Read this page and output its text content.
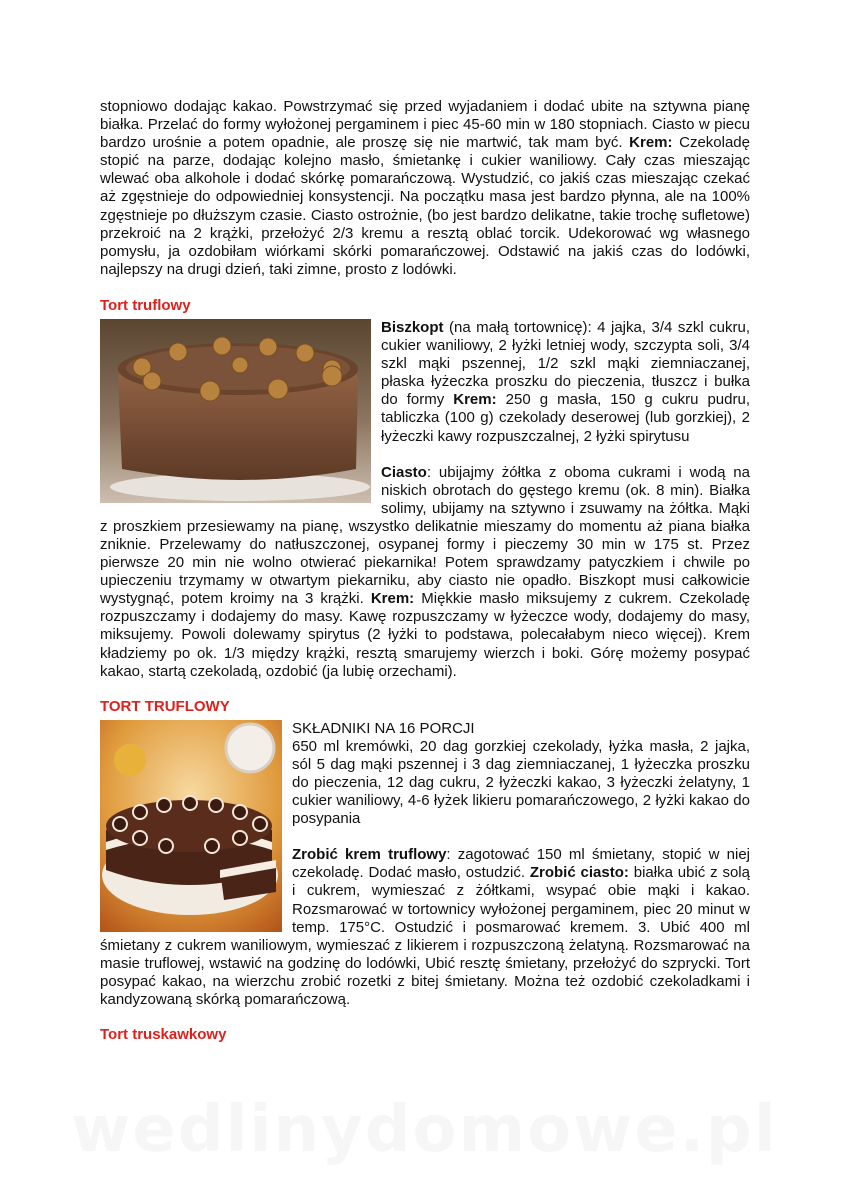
stopniowo dodając kakao. Powstrzymać się przed wyjadaniem i dodać ubite na sztywna pianę białka. Przelać do formy wyłożonej pergaminem i piec 45-60 min w 180 stopniach. Ciasto w piecu bardzo urośnie a potem opadnie, ale proszę się nie martwić, tak mam być. Krem: Czekoladę stopić na parze, dodając kolejno masło, śmietankę i cukier waniliowy. Cały czas mieszając wlewać oba alkohole i dodać skórkę pomarańczową. Wystudzić, co jakiś czas mieszając czekać aż zgęstnieje do odpowiedniej konsystencji. Na początku masa jest bardzo płynna, ale na 100% zgęstnieje po dłuższym czasie. Ciasto ostrożnie, (bo jest bardzo delikatne, takie trochę sufletowe) przekroić na 2 krążki, przełożyć 2/3 kremu a resztą oblać torcik. Udekorować wg własnego pomysłu, ja ozdobiłam wiórkami skórki pomarańczowej. Odstawić na jakiś czas do lodówki, najlepszy na drugi dzień, taki zimne, prosto z lodówki.

Tort truflowy

Biszkopt (na małą tortownicę): 4 jajka, 3/4 szkl cukru, cukier waniliowy, 2 łyżki letniej wody, szczypta soli, 3/4 szkl mąki pszennej, 1/2 szkl mąki ziemniaczanej, płaska łyżeczka proszku do pieczenia, tłuszcz i bułka do formy Krem: 250 g masła, 150 g cukru pudru, tabliczka (100 g) czekolady deserowej (lub gorzkiej), 2 łyżeczki kawy rozpuszczalnej, 2 łyżki spirytusu

Ciasto: ubijajmy żółtka z oboma cukrami i wodą na niskich obrotach do gęstego kremu (ok. 8 min). Białka solimy, ubijamy na sztywno i zsuwamy na żółtka. Mąki z proszkiem przesiewamy na pianę, wszystko delikatnie mieszamy do momentu aż piana białka zniknie. Przelewamy do natłuszczonej, osypanej formy i pieczemy 30 min w 175 st. Przez pierwsze 20 min nie wolno otwierać piekarnika! Potem sprawdzamy patyczkiem i chwile po upieczeniu trzymamy w otwartym piekarniku, aby ciasto nie opadło. Biszkopt musi całkowicie wystygnąć, potem kroimy na 3 krążki. Krem: Miękkie masło miksujemy z cukrem. Czekoladę rozpuszczamy i dodajemy do masy. Kawę rozpuszczamy w łyżeczce wody, dodajemy do masy, miksujemy. Powoli dolewamy spirytus (2 łyżki to podstawa, polecałabym nieco więcej). Krem kładziemy po ok. 1/3 między krążki, resztą smarujemy wierzch i boki. Górę możemy posypać kakao, startą czekoladą, ozdobić (ja lubię orzechami).

TORT TRUFLOWY

SKŁADNIKI NA 16 PORCJI

650 ml kremówki, 20 dag gorzkiej czekolady, łyżka masła, 2 jajka, sól 5 dag mąki pszennej i 3 dag ziemniaczanej, 1 łyżeczka proszku do pieczenia, 12 dag cukru, 2 łyżeczki kakao, 3 łyżeczki żelatyny, 1 cukier waniliowy, 4-6 łyżek likieru pomarańczowego, 2 łyżki kakao do posypania

Zrobić krem truflowy: zagotować 150 ml śmietany, stopić w niej czekoladę. Dodać masło, ostudzić. Zrobić ciasto: białka ubić z solą i cukrem, wymieszać z żółtkami, wsypać obie mąki i kakao. Rozsmarować w tortownicy wyłożonej pergaminem, piec 20 minut w temp. 175°C. Ostudzić i posmarować kremem. 3. Ubić 400 ml śmietany z cukrem waniliowym, wymieszać z likierem i rozpuszczoną żelatyną. Rozsmarować na masie truflowej, wstawić na godzinę do lodówki, Ubić resztę śmietany, przełożyć do szprycki. Tort posypać kakao, na wierzchu zrobić rozetki z bitej śmietany. Można też ozdobić czekoladkami i kandyzowaną skórką pomarańczową.

Tort truskawkowy
